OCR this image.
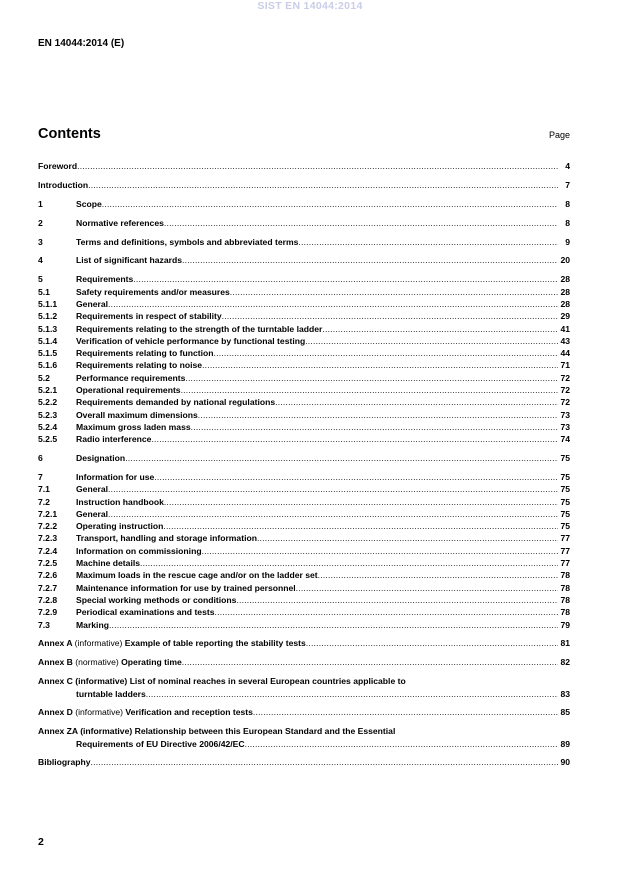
SIST EN 14044:2014
EN 14044:2014 (E)
Contents	Page
Foreword .....	4
Introduction .....	7
1	Scope .....	8
2	Normative references .....	8
3	Terms and definitions, symbols and abbreviated terms .....	9
4	List of significant hazards .....	20
5	Requirements .....	28
5.1	Safety requirements and/or measures .....	28
5.1.1	General .....	28
5.1.2	Requirements in respect of stability .....	29
5.1.3	Requirements relating to the strength of the turntable ladder .....	41
5.1.4	Verification of vehicle performance by functional testing .....	43
5.1.5	Requirements relating to function .....	44
5.1.6	Requirements relating to noise .....	71
5.2	Performance requirements .....	72
5.2.1	Operational requirements .....	72
5.2.2	Requirements demanded by national regulations .....	72
5.2.3	Overall maximum dimensions .....	73
5.2.4	Maximum gross laden mass .....	73
5.2.5	Radio interference .....	74
6	Designation .....	75
7	Information for use .....	75
7.1	General .....	75
7.2	Instruction handbook .....	75
7.2.1	General .....	75
7.2.2	Operating instruction .....	75
7.2.3	Transport, handling and storage information .....	77
7.2.4	Information on commissioning .....	77
7.2.5	Machine details .....	77
7.2.6	Maximum loads in the rescue cage and/or on the ladder set .....	78
7.2.7	Maintenance information for use by trained personnel .....	78
7.2.8	Special working methods or conditions .....	78
7.2.9	Periodical examinations and tests .....	78
7.3	Marking .....	79
Annex A (informative) Example of table reporting the stability tests .....	81
Annex B (normative) Operating time .....	82
Annex C (informative) List of nominal reaches in several European countries applicable to
turntable ladders .....	83
Annex D (informative) Verification and reception tests .....	85
Annex ZA (informative) Relationship between this European Standard and the Essential
Requirements of EU Directive 2006/42/EC .....	89
Bibliography .....	90
2
